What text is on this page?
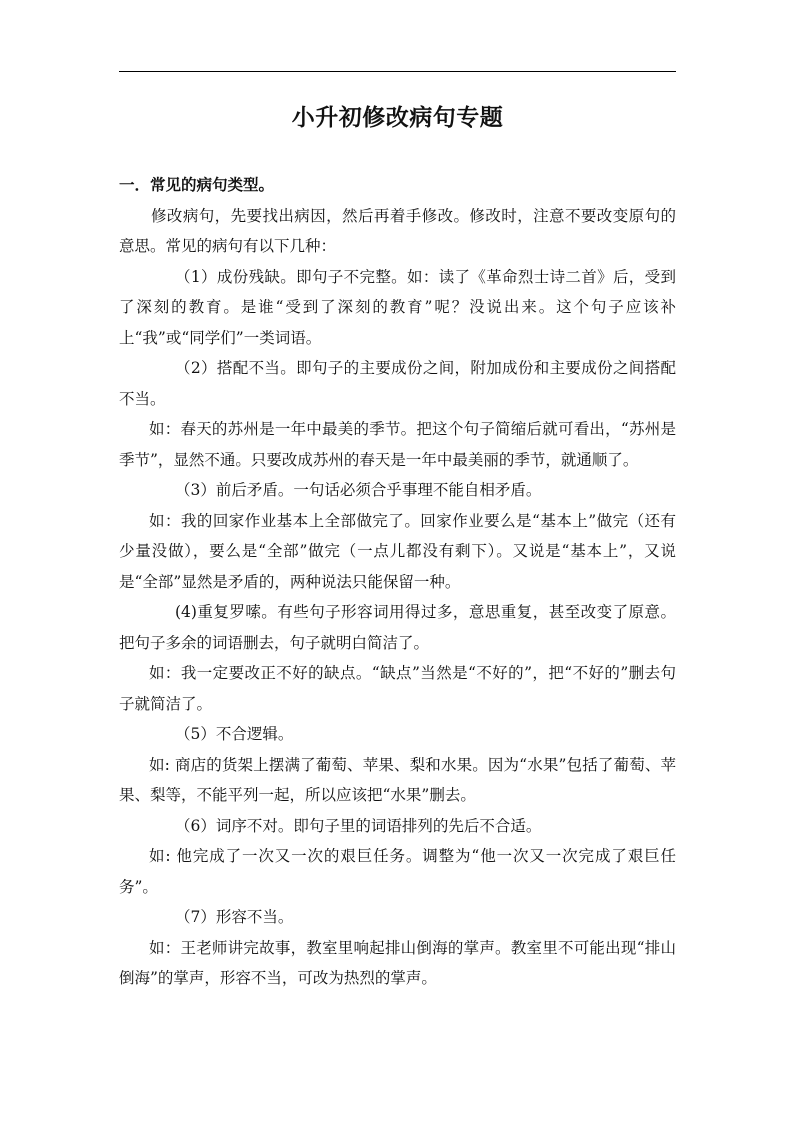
小升初修改病句专题

一．常见的病句类型。

修改病句，先要找出病因，然后再着手修改。修改时，注意不要改变原句的意思。常见的病句有以下几种：

（1）成份残缺。即句子不完整。如：读了《革命烈士诗二首》后，受到了深刻的教育。是谁“受到了深刻的教育”呢？没说出来。这个句子应该补上“我”或“同学们”一类词语。

（2）搭配不当。即句子的主要成份之间，附加成份和主要成份之间搭配不当。

如：春天的苏州是一年中最美的季节。把这个句子简缩后就可看出，“苏州是季节”，显然不通。只要改成苏州的春天是一年中最美丽的季节，就通顺了。

（3）前后矛盾。一句话必须合乎事理不能自相矛盾。

如：我的回家作业基本上全部做完了。回家作业要么是“基本上”做完（还有少量没做），要么是“全部”做完（一点儿都没有剩下）。又说是“基本上”，又说是“全部”显然是矛盾的，两种说法只能保留一种。

(4)重复罗嗦。有些句子形容词用得过多，意思重复，甚至改变了原意。把句子多余的词语删去，句子就明白简洁了。

如：我一定要改正不好的缺点。“缺点”当然是“不好的”，把“不好的”删去句子就简洁了。

（5）不合逻辑。

如: 商店的货架上摆满了葡萄、苹果、梨和水果。因为“水果”包括了葡萄、苹果、梨等，不能平列一起，所以应该把“水果”删去。

（6）词序不对。即句子里的词语排列的先后不合适。

如: 他完成了一次又一次的艰巨任务。调整为“他一次又一次完成了艰巨任务”。

（7）形容不当。

如：王老师讲完故事，教室里响起排山倒海的掌声。教室里不可能出现“排山倒海”的掌声，形容不当，可改为热烈的掌声。
